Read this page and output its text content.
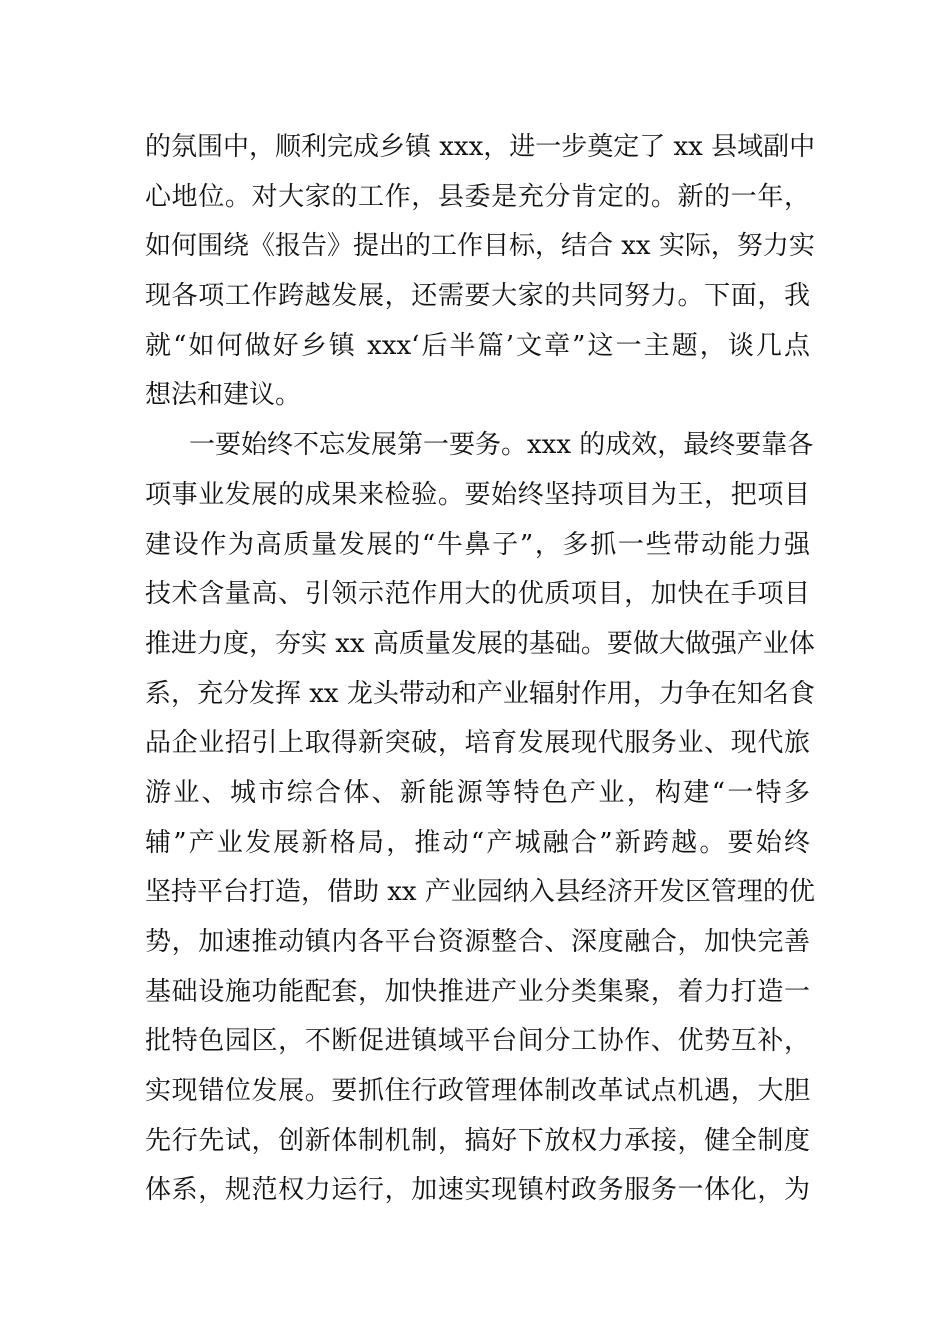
的氛围中，顺利完成乡镇 xxx，进一步奠定了 xx 县域副中
心地位。对大家的工作，县委是充分肯定的。新的一年，
如何围绕《报告》提出的工作目标，结合 xx 实际，努力实
现各项工作跨越发展，还需要大家的共同努力。下面，我
就“如何做好乡镇 xxx‘后半篇’文章”这一主题，谈几点
想法和建议。
一要始终不忘发展第一要务。xxx 的成效，最终要靠各
项事业发展的成果来检验。要始终坚持项目为王，把项目
建设作为高质量发展的“牛鼻子”，多抓一些带动能力强
技术含量高、引领示范作用大的优质项目，加快在手项目
推进力度，夯实 xx 高质量发展的基础。要做大做强产业体
系，充分发挥 xx 龙头带动和产业辐射作用，力争在知名食
品企业招引上取得新突破，培育发展现代服务业、现代旅
游业、城市综合体、新能源等特色产业，构建“一特多
辅”产业发展新格局，推动“产城融合”新跨越。要始终
坚持平台打造，借助 xx 产业园纳入县经济开发区管理的优
势，加速推动镇内各平台资源整合、深度融合，加快完善
基础设施功能配套，加快推进产业分类集聚，着力打造一
批特色园区，不断促进镇域平台间分工协作、优势互补，
实现错位发展。要抓住行政管理体制改革试点机遇，大胆
先行先试，创新体制机制，搞好下放权力承接，健全制度
体系，规范权力运行，加速实现镇村政务服务一体化，为
